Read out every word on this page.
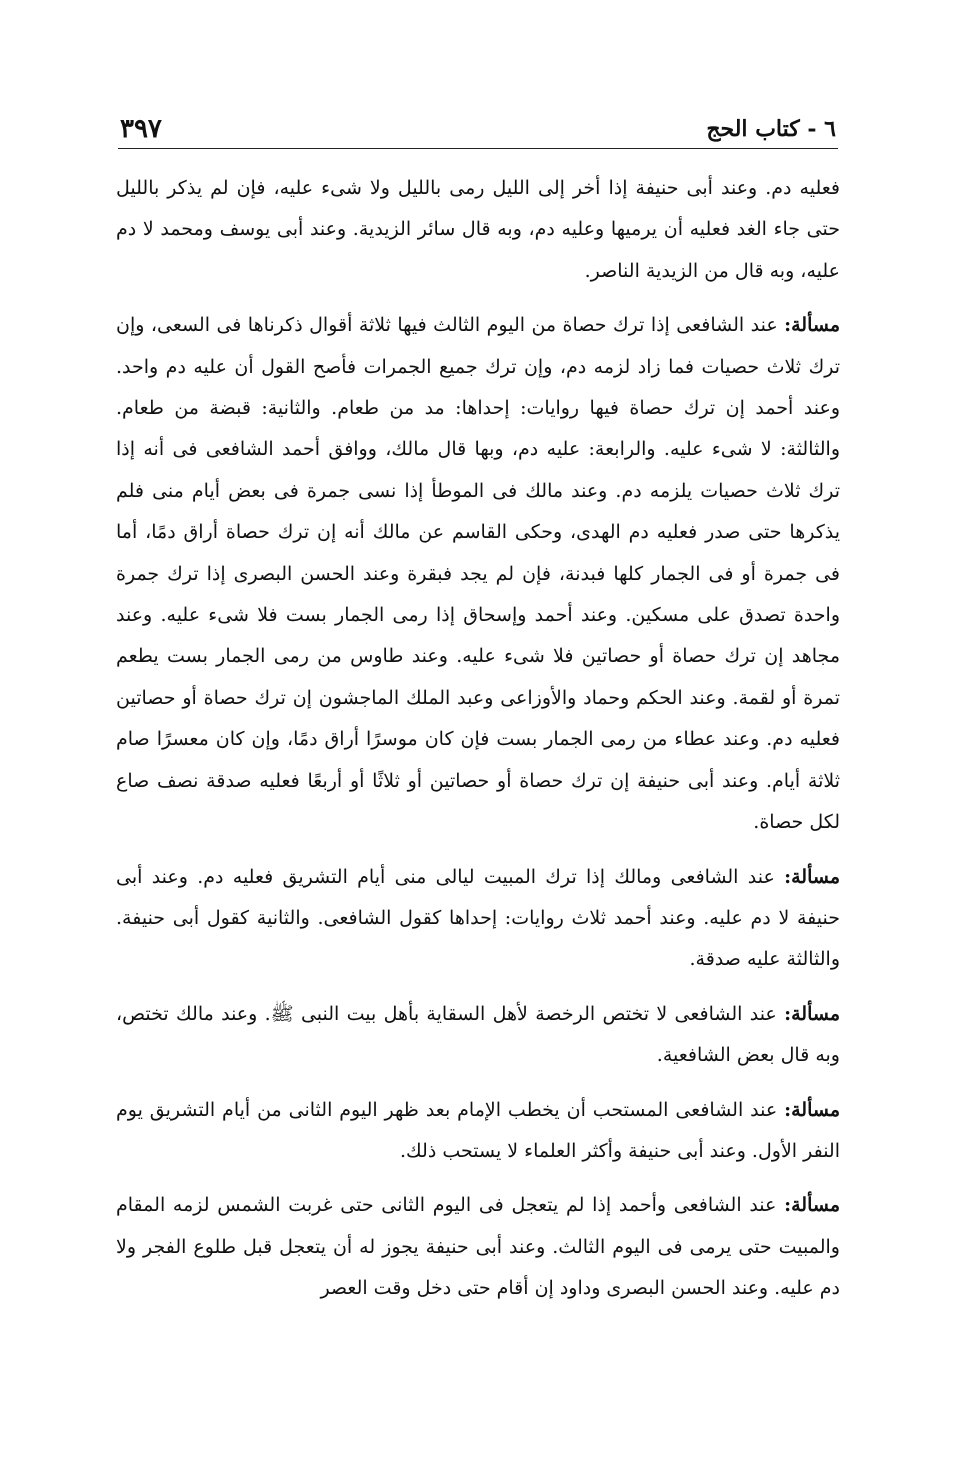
٦ - كتاب الحج
٣٩٧

فعليه دم. وعند أبى حنيفة إذا أخر إلى الليل رمى بالليل ولا شىء عليه، فإن لم يذكر بالليل حتى جاء الغد فعليه أن يرميها وعليه دم، وبه قال سائر الزيدية. وعند أبى يوسف ومحمد لا دم عليه، وبه قال من الزيدية الناصر.

مسألة: عند الشافعى إذا ترك حصاة من اليوم الثالث فيها ثلاثة أقوال ذكرناها فى السعى، وإن ترك ثلاث حصيات فما زاد لزمه دم، وإن ترك جميع الجمرات فأصح القول أن عليه دم واحد. وعند أحمد إن ترك حصاة فيها روايات: إحداها: مد من طعام. والثانية: قبضة من طعام. والثالثة: لا شىء عليه. والرابعة: عليه دم، وبها قال مالك، ووافق أحمد الشافعى فى أنه إذا ترك ثلاث حصيات يلزمه دم. وعند مالك فى الموطأ إذا نسى جمرة فى بعض أيام منى فلم يذكرها حتى صدر فعليه دم الهدى، وحكى القاسم عن مالك أنه إن ترك حصاة أراق دمًا، أما فى جمرة أو فى الجمار كلها فبدنة، فإن لم يجد فبقرة وعند الحسن البصرى إذا ترك جمرة واحدة تصدق على مسكين. وعند أحمد وإسحاق إذا رمى الجمار بست فلا شىء عليه. وعند مجاهد إن ترك حصاة أو حصاتين فلا شىء عليه. وعند طاوس من رمى الجمار بست يطعم تمرة أو لقمة. وعند الحكم وحماد والأوزاعى وعبد الملك الماجشون إن ترك حصاة أو حصاتين فعليه دم. وعند عطاء من رمى الجمار بست فإن كان موسرًا أراق دمًا، وإن كان معسرًا صام ثلاثة أيام. وعند أبى حنيفة إن ترك حصاة أو حصاتين أو ثلاثًا أو أربعًا فعليه صدقة نصف صاع لكل حصاة.

مسألة: عند الشافعى ومالك إذا ترك المبيت ليالى منى أيام التشريق فعليه دم. وعند أبى حنيفة لا دم عليه. وعند أحمد ثلاث روايات: إحداها كقول الشافعى. والثانية كقول أبى حنيفة. والثالثة عليه صدقة.

مسألة: عند الشافعى لا تختص الرخصة لأهل السقاية بأهل بيت النبى ﷺ. وعند مالك تختص، وبه قال بعض الشافعية.

مسألة: عند الشافعى المستحب أن يخطب الإمام بعد ظهر اليوم الثانى من أيام التشريق يوم النفر الأول. وعند أبى حنيفة وأكثر العلماء لا يستحب ذلك.

مسألة: عند الشافعى وأحمد إذا لم يتعجل فى اليوم الثانى حتى غربت الشمس لزمه المقام والمبيت حتى يرمى فى اليوم الثالث. وعند أبى حنيفة يجوز له أن يتعجل قبل طلوع الفجر ولا دم عليه. وعند الحسن البصرى وداود إن أقام حتى دخل وقت العصر
